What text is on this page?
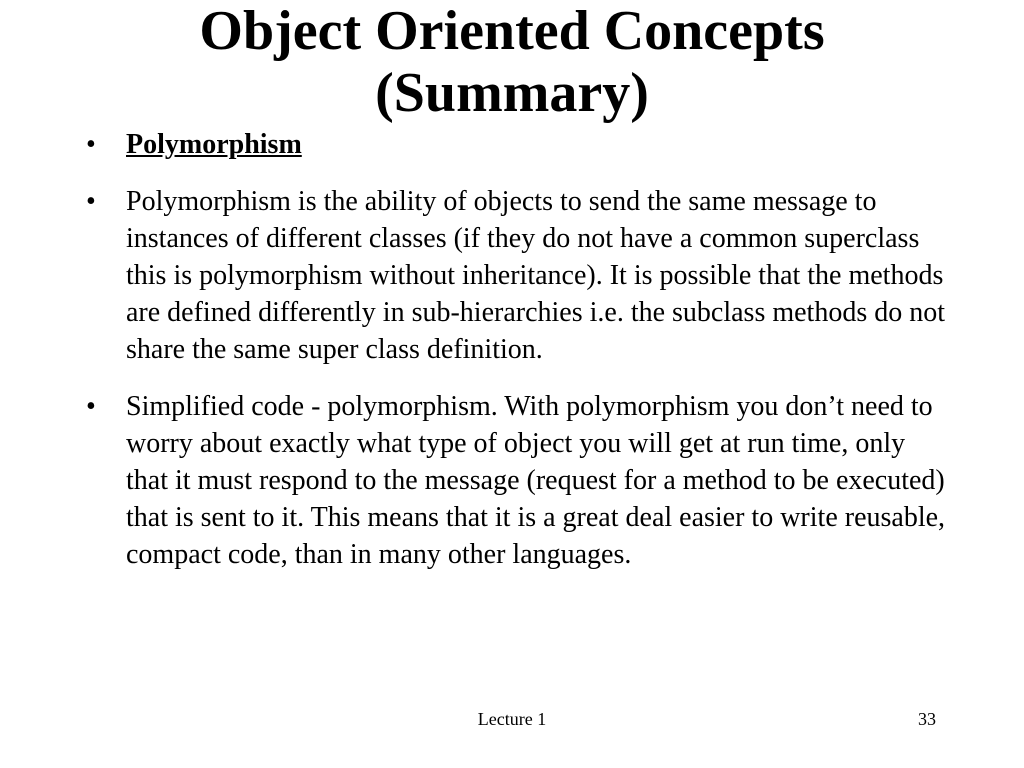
Object Oriented Concepts
(Summary)
•	Polymorphism
•	Polymorphism is the ability of objects to send the same message to instances of different classes (if they do not have a common superclass this is polymorphism without inheritance). It is possible that the methods are defined differently in sub-hierarchies i.e. the subclass methods do not share the same super class definition.
•	Simplified code - polymorphism. With polymorphism you don’t need to worry about exactly what type of object you will get at run time, only that it must respond to the message (request for a method to be executed) that is sent to it. This means that it is a great deal easier to write reusable, compact code, than in many other languages.
Lecture 1	33
